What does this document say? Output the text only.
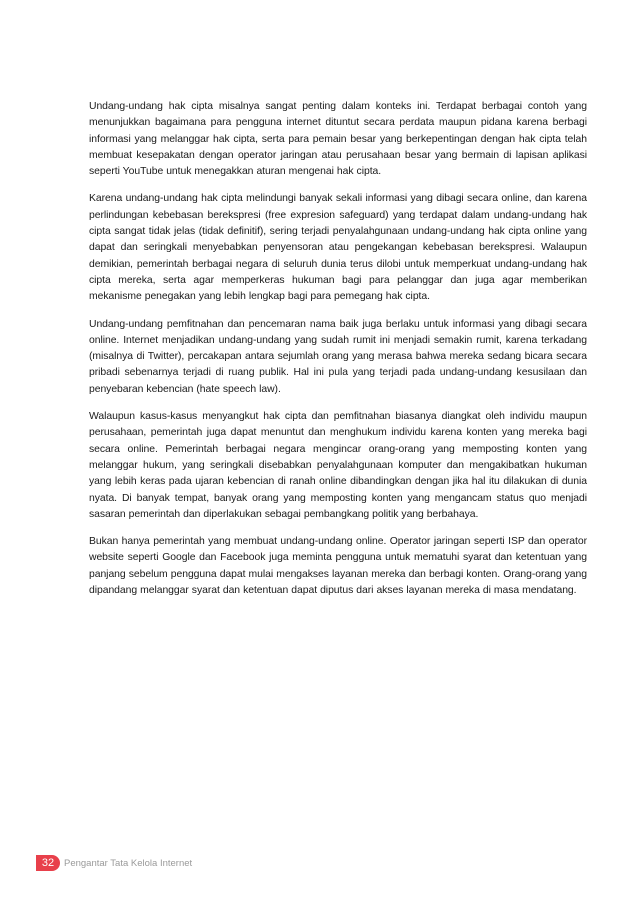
Undang-undang hak cipta misalnya sangat penting dalam konteks ini. Terdapat berbagai contoh yang menunjukkan bagaimana para pengguna internet dituntut secara perdata maupun pidana karena berbagi informasi yang melanggar hak cipta, serta para pemain besar yang berkepentingan dengan hak cipta telah membuat kesepakatan dengan operator jaringan atau perusahaan besar yang bermain di lapisan aplikasi seperti YouTube untuk menegakkan aturan mengenai hak cipta.

Karena undang-undang hak cipta melindungi banyak sekali informasi yang dibagi secara online, dan karena perlindungan kebebasan berekspresi (free expresion safeguard) yang terdapat dalam undang-undang hak cipta sangat tidak jelas (tidak definitif), sering terjadi penyalahgunaan undang-undang hak cipta online yang dapat dan seringkali menyebabkan penyensoran atau pengekangan kebebasan berekspresi. Walaupun demikian, pemerintah berbagai negara di seluruh dunia terus dilobi untuk memperkuat undang-undang hak cipta mereka, serta agar memperkeras hukuman bagi para pelanggar dan juga agar memberikan mekanisme penegakan yang lebih lengkap bagi para pemegang hak cipta.

Undang-undang pemfitnahan dan pencemaran nama baik juga berlaku untuk informasi yang dibagi secara online. Internet menjadikan undang-undang yang sudah rumit ini menjadi semakin rumit, karena terkadang (misalnya di Twitter), percakapan antara sejumlah orang yang merasa bahwa mereka sedang bicara secara pribadi sebenarnya terjadi di ruang publik. Hal ini pula yang terjadi pada undang-undang kesusilaan dan penyebaran kebencian (hate speech law).

Walaupun kasus-kasus menyangkut hak cipta dan pemfitnahan biasanya diangkat oleh individu maupun perusahaan, pemerintah juga dapat menuntut dan menghukum individu karena konten yang mereka bagi secara online. Pemerintah berbagai negara mengincar orang-orang yang memposting konten yang melanggar hukum, yang seringkali disebabkan penyalahgunaan komputer dan mengakibatkan hukuman yang lebih keras pada ujaran kebencian di ranah online dibandingkan dengan jika hal itu dilakukan di dunia nyata. Di banyak tempat, banyak orang yang memposting konten yang mengancam status quo menjadi sasaran pemerintah dan diperlakukan sebagai pembangkang politik yang berbahaya.

Bukan hanya pemerintah yang membuat undang-undang online. Operator jaringan seperti ISP dan operator website seperti Google dan Facebook juga meminta pengguna untuk mematuhi syarat dan ketentuan yang panjang sebelum pengguna dapat mulai mengakses layanan mereka dan berbagi konten. Orang-orang yang dipandang melanggar syarat dan ketentuan dapat diputus dari akses layanan mereka di masa mendatang.

32	Pengantar Tata Kelola Internet
